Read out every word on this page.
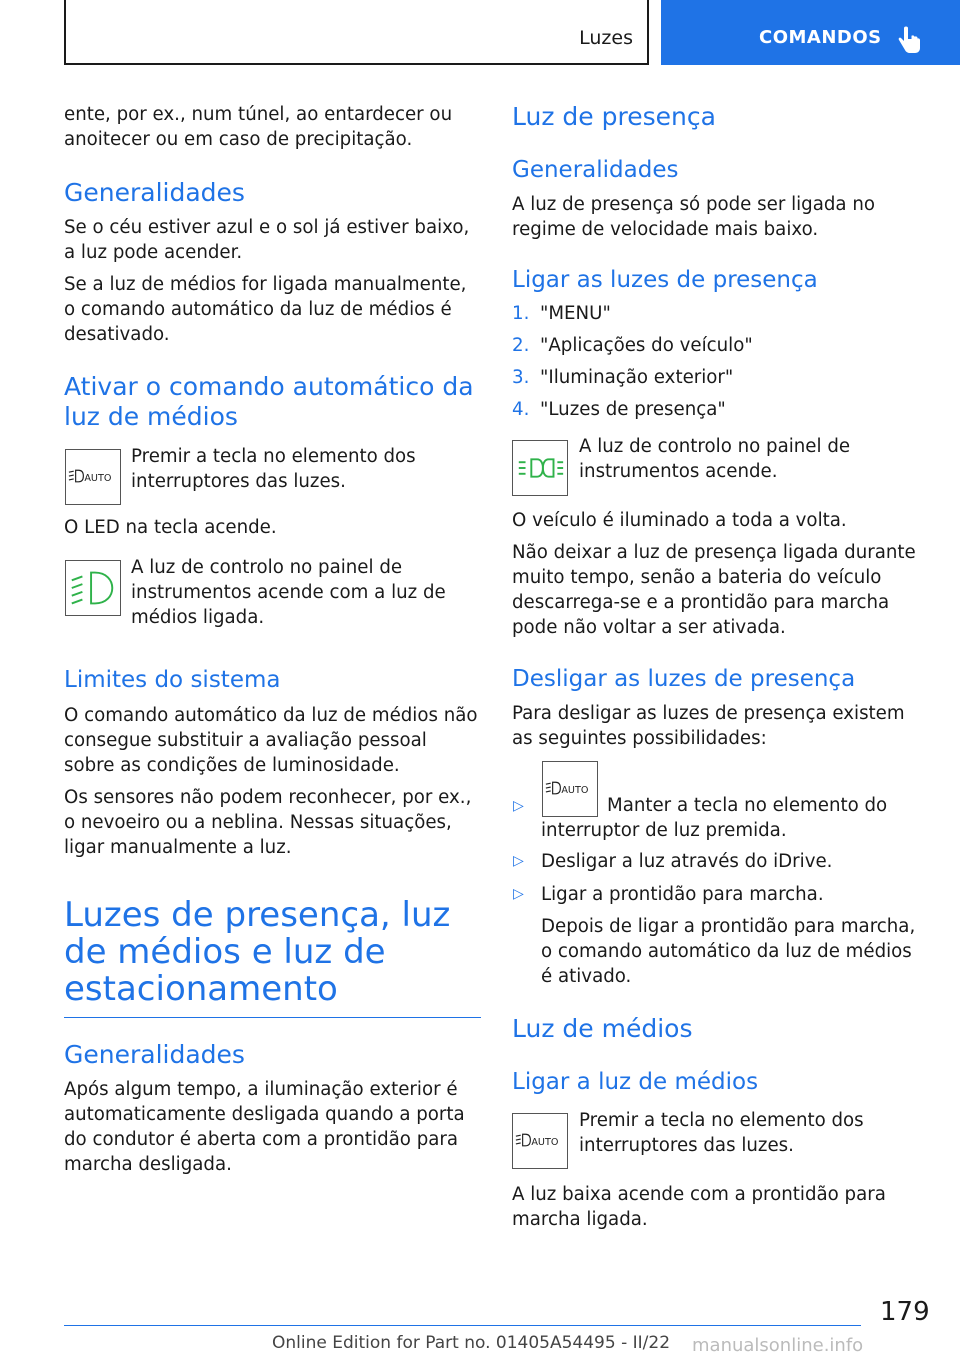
Luzes	COMANDOS
ente, por ex., num túnel, ao entardecer ou anoitecer ou em caso de precipitação.
Generalidades
Se o céu estiver azul e o sol já estiver baixo, a luz pode acender.
Se a luz de médios for ligada manualmente, o comando automático da luz de médios é desativado.
Ativar o comando automático da luz de médios
AUTO
Premir a tecla no elemento dos interruptores das luzes.
O LED na tecla acende.
A luz de controlo no painel de instrumentos acende com a luz de médios ligada.
Limites do sistema
O comando automático da luz de médios não consegue substituir a avaliação pessoal sobre as condições de luminosidade.
Os sensores não podem reconhecer, por ex., o nevoeiro ou a neblina. Nessas situações, ligar manualmente a luz.
Luzes de presença, luz de médios e luz de estacionamento
Generalidades
Após algum tempo, a iluminação exterior é automaticamente desligada quando a porta do condutor é aberta com a prontidão para marcha desligada.
Luz de presença
Generalidades
A luz de presença só pode ser ligada no regime de velocidade mais baixo.
Ligar as luzes de presença
1. "MENU"
2. "Aplicações do veículo"
3. "Iluminação exterior"
4. "Luzes de presença"
A luz de controlo no painel de instrumentos acende.
O veículo é iluminado a toda a volta.
Não deixar a luz de presença ligada durante muito tempo, senão a bateria do veículo descarrega-se e a prontidão para marcha pode não voltar a ser ativada.
Desligar as luzes de presença
Para desligar as luzes de presença existem as seguintes possibilidades:
▷
AUTO
Manter a tecla no elemento do interruptor de luz premida.
▷ Desligar a luz através do iDrive.
▷ Ligar a prontidão para marcha.
Depois de ligar a prontidão para marcha, o comando automático da luz de médios é ativado.
Luz de médios
Ligar a luz de médios
AUTO
Premir a tecla no elemento dos interruptores das luzes.
A luz baixa acende com a prontidão para marcha ligada.
179
Online Edition for Part no. 01405A54495 - II/22 manualsonline.info
